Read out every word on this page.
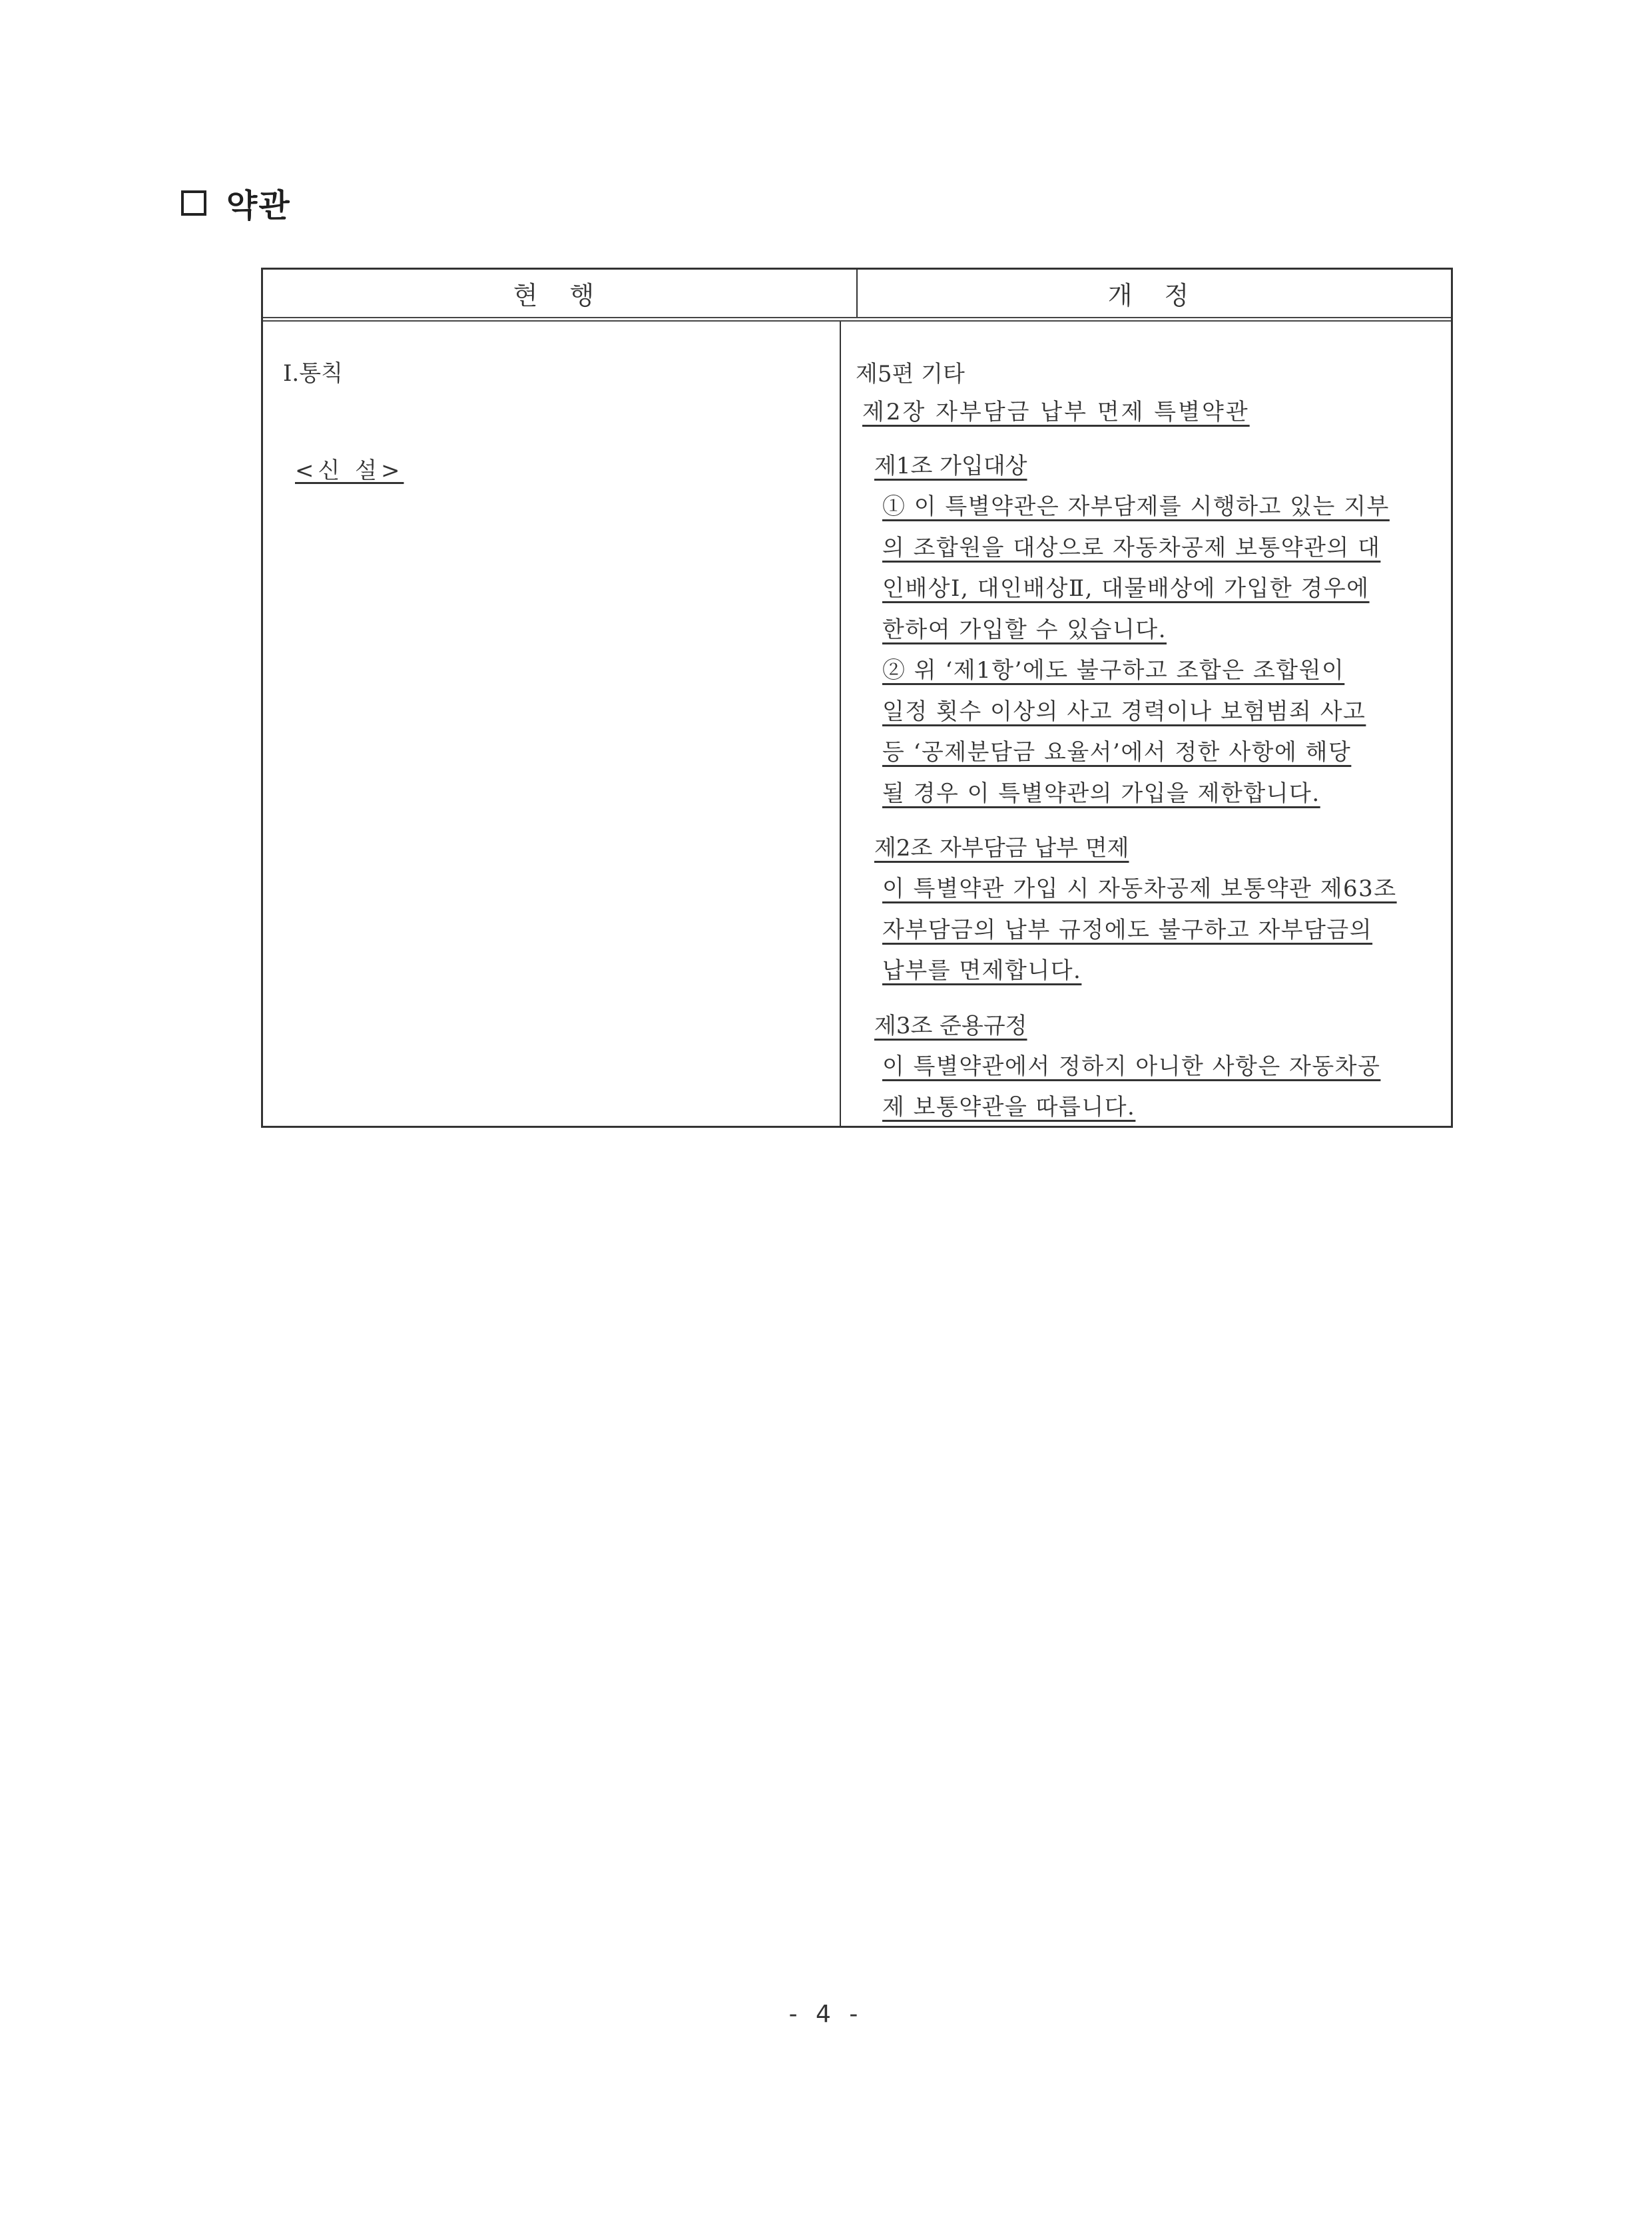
약관
현 행	개 정
Ⅰ.통칙
<신 설>
제5편 기타
제2장 자부담금 납부 면제 특별약관
제1조 가입대상
① 이 특별약관은 자부담제를 시행하고 있는 지부
의 조합원을 대상으로 자동차공제 보통약관의 대
인배상Ⅰ, 대인배상Ⅱ, 대물배상에 가입한 경우에
한하여 가입할 수 있습니다.
② 위 ‘제1항’에도 불구하고 조합은 조합원이
일정 횟수 이상의 사고 경력이나 보험범죄 사고
등 ‘공제분담금 요율서’에서 정한 사항에 해당
될 경우 이 특별약관의 가입을 제한합니다.
제2조 자부담금 납부 면제
이 특별약관 가입 시 자동차공제 보통약관 제63조
자부담금의 납부 규정에도 불구하고 자부담금의
납부를 면제합니다.
제3조 준용규정
이 특별약관에서 정하지 아니한 사항은 자동차공
제 보통약관을 따릅니다.
- 4 -
